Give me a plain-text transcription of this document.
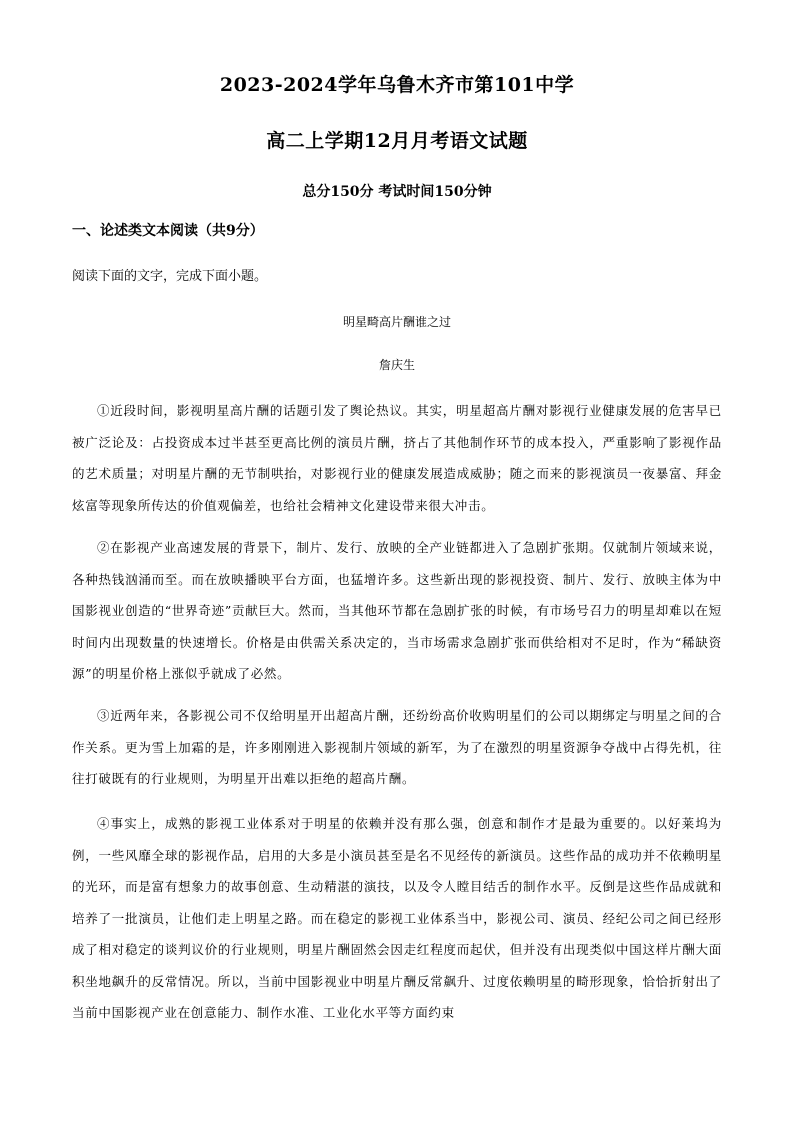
2023-2024学年乌鲁木齐市第101中学
高二上学期12月月考语文试题
总分150分 考试时间150分钟
一、论述类文本阅读（共9分）
阅读下面的文字，完成下面小题。
明星畸高片酬谁之过
詹庆生
①近段时间，影视明星高片酬的话题引发了舆论热议。其实，明星超高片酬对影视行业健康发展的危害早已被广泛论及：占投资成本过半甚至更高比例的演员片酬，挤占了其他制作环节的成本投入，严重影响了影视作品的艺术质量；对明星片酬的无节制哄抬，对影视行业的健康发展造成威胁；随之而来的影视演员一夜暴富、拜金炫富等现象所传达的价值观偏差，也给社会精神文化建设带来很大冲击。
②在影视产业高速发展的背景下，制片、发行、放映的全产业链都进入了急剧扩张期。仅就制片领域来说，各种热钱汹涌而至。而在放映播映平台方面，也猛增许多。这些新出现的影视投资、制片、发行、放映主体为中国影视业创造的“世界奇迹”贡献巨大。然而，当其他环节都在急剧扩张的时候，有市场号召力的明星却难以在短时间内出现数量的快速增长。价格是由供需关系决定的，当市场需求急剧扩张而供给相对不足时，作为“稀缺资源”的明星价格上涨似乎就成了必然。
③近两年来，各影视公司不仅给明星开出超高片酬，还纷纷高价收购明星们的公司以期绑定与明星之间的合作关系。更为雪上加霜的是，许多刚刚进入影视制片领域的新军，为了在激烈的明星资源争夺战中占得先机，往往打破既有的行业规则，为明星开出难以拒绝的超高片酬。
④事实上，成熟的影视工业体系对于明星的依赖并没有那么强，创意和制作才是最为重要的。以好莱坞为例，一些风靡全球的影视作品，启用的大多是小演员甚至是名不见经传的新演员。这些作品的成功并不依赖明星的光环，而是富有想象力的故事创意、生动精湛的演技，以及令人瞠目结舌的制作水平。反倒是这些作品成就和培养了一批演员，让他们走上明星之路。而在稳定的影视工业体系当中，影视公司、演员、经纪公司之间已经形成了相对稳定的谈判议价的行业规则，明星片酬固然会因走红程度而起伏，但并没有出现类似中国这样片酬大面积坐地飙升的反常情况。所以，当前中国影视业中明星片酬反常飙升、过度依赖明星的畸形现象，恰恰折射出了当前中国影视产业在创意能力、制作水准、工业化水平等方面约束
